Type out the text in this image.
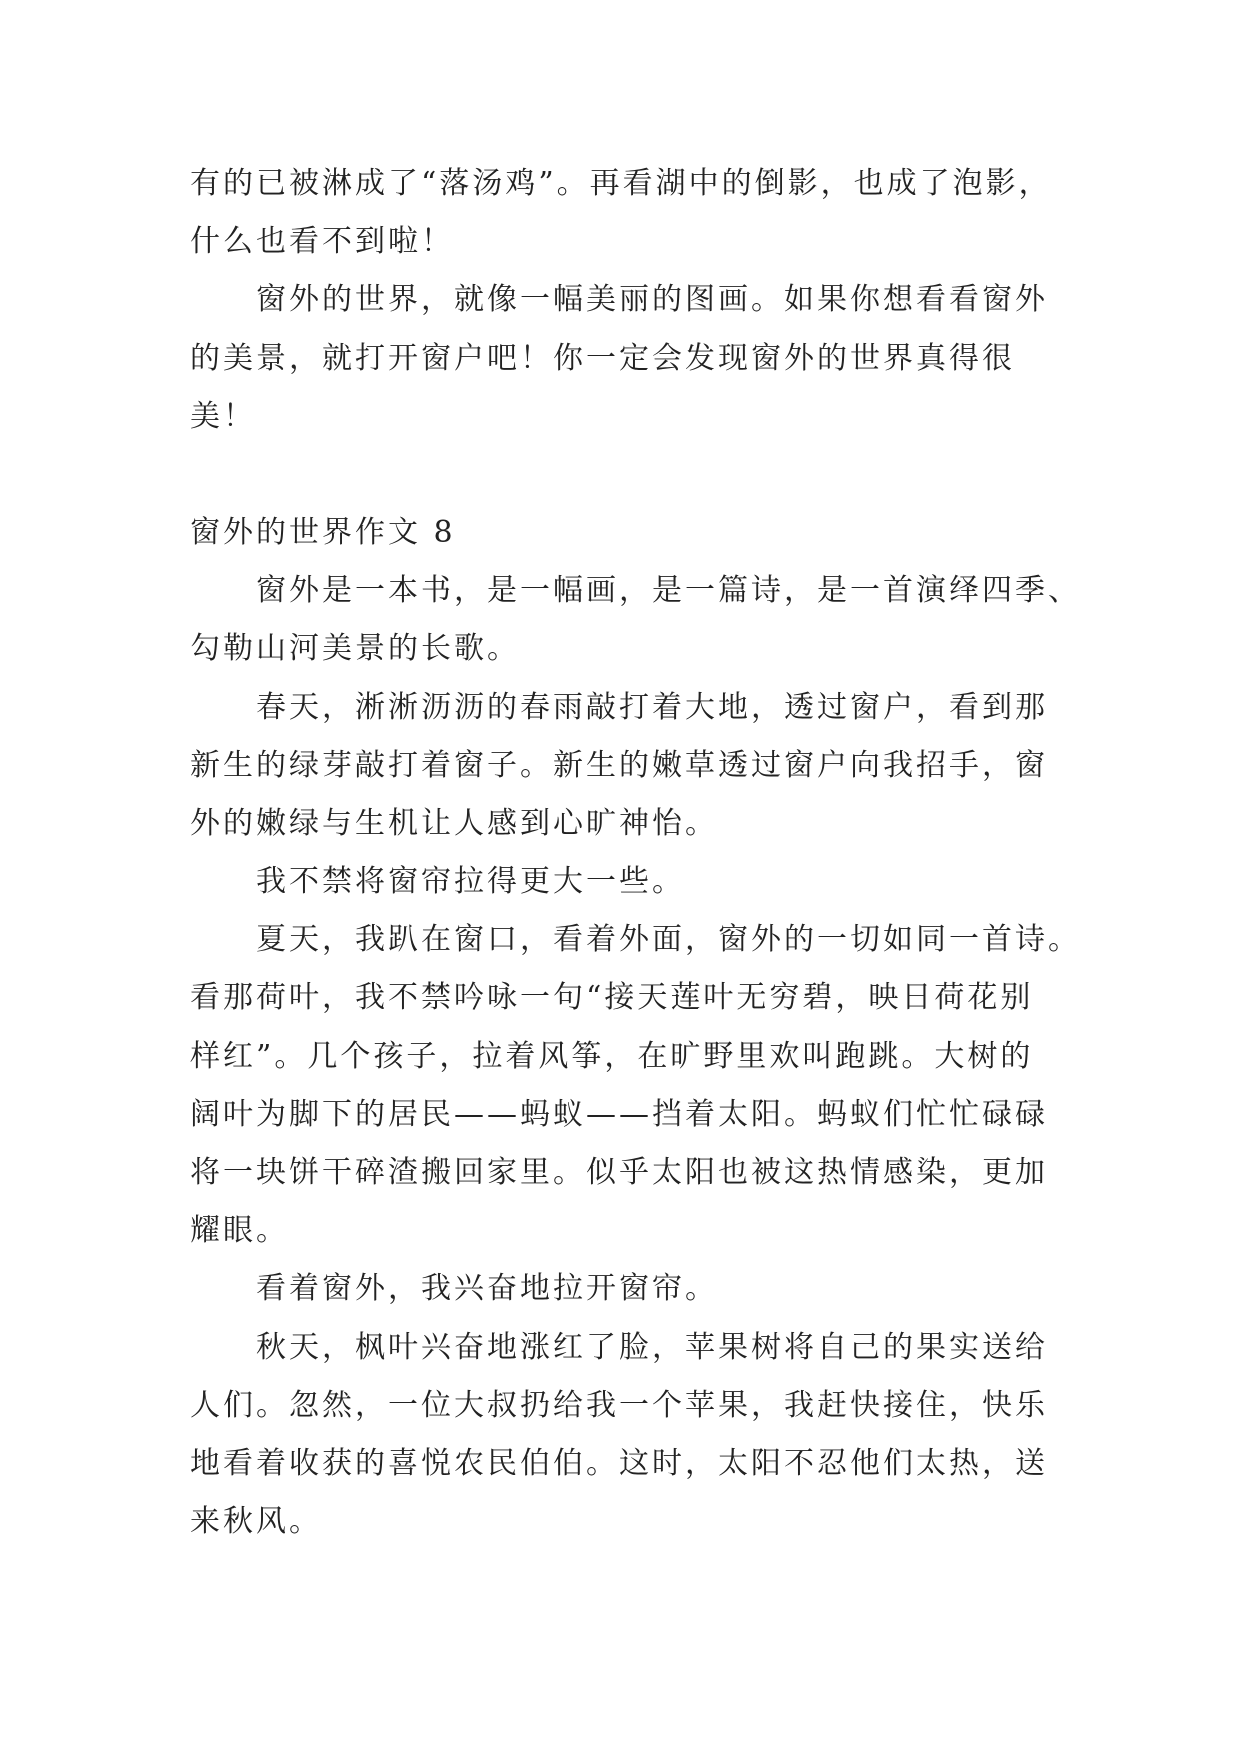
有的已被淋成了“落汤鸡”。再看湖中的倒影，也成了泡影，
什么也看不到啦！
窗外的世界，就像一幅美丽的图画。如果你想看看窗外
的美景，就打开窗户吧！你一定会发现窗外的世界真得很
美！
窗外的世界作文 8
窗外是一本书，是一幅画，是一篇诗，是一首演绎四季、
勾勒山河美景的长歌。
春天，淅淅沥沥的春雨敲打着大地，透过窗户，看到那
新生的绿芽敲打着窗子。新生的嫩草透过窗户向我招手，窗
外的嫩绿与生机让人感到心旷神怡。
我不禁将窗帘拉得更大一些。
夏天，我趴在窗口，看着外面，窗外的一切如同一首诗。
看那荷叶，我不禁吟咏一句“接天莲叶无穷碧，映日荷花别
样红”。几个孩子，拉着风筝，在旷野里欢叫跑跳。大树的
阔叶为脚下的居民——蚂蚁——挡着太阳。蚂蚁们忙忙碌碌
将一块饼干碎渣搬回家里。似乎太阳也被这热情感染，更加
耀眼。
看着窗外，我兴奋地拉开窗帘。
秋天，枫叶兴奋地涨红了脸，苹果树将自己的果实送给
人们。忽然，一位大叔扔给我一个苹果，我赶快接住，快乐
地看着收获的喜悦农民伯伯。这时，太阳不忍他们太热，送
来秋风。
